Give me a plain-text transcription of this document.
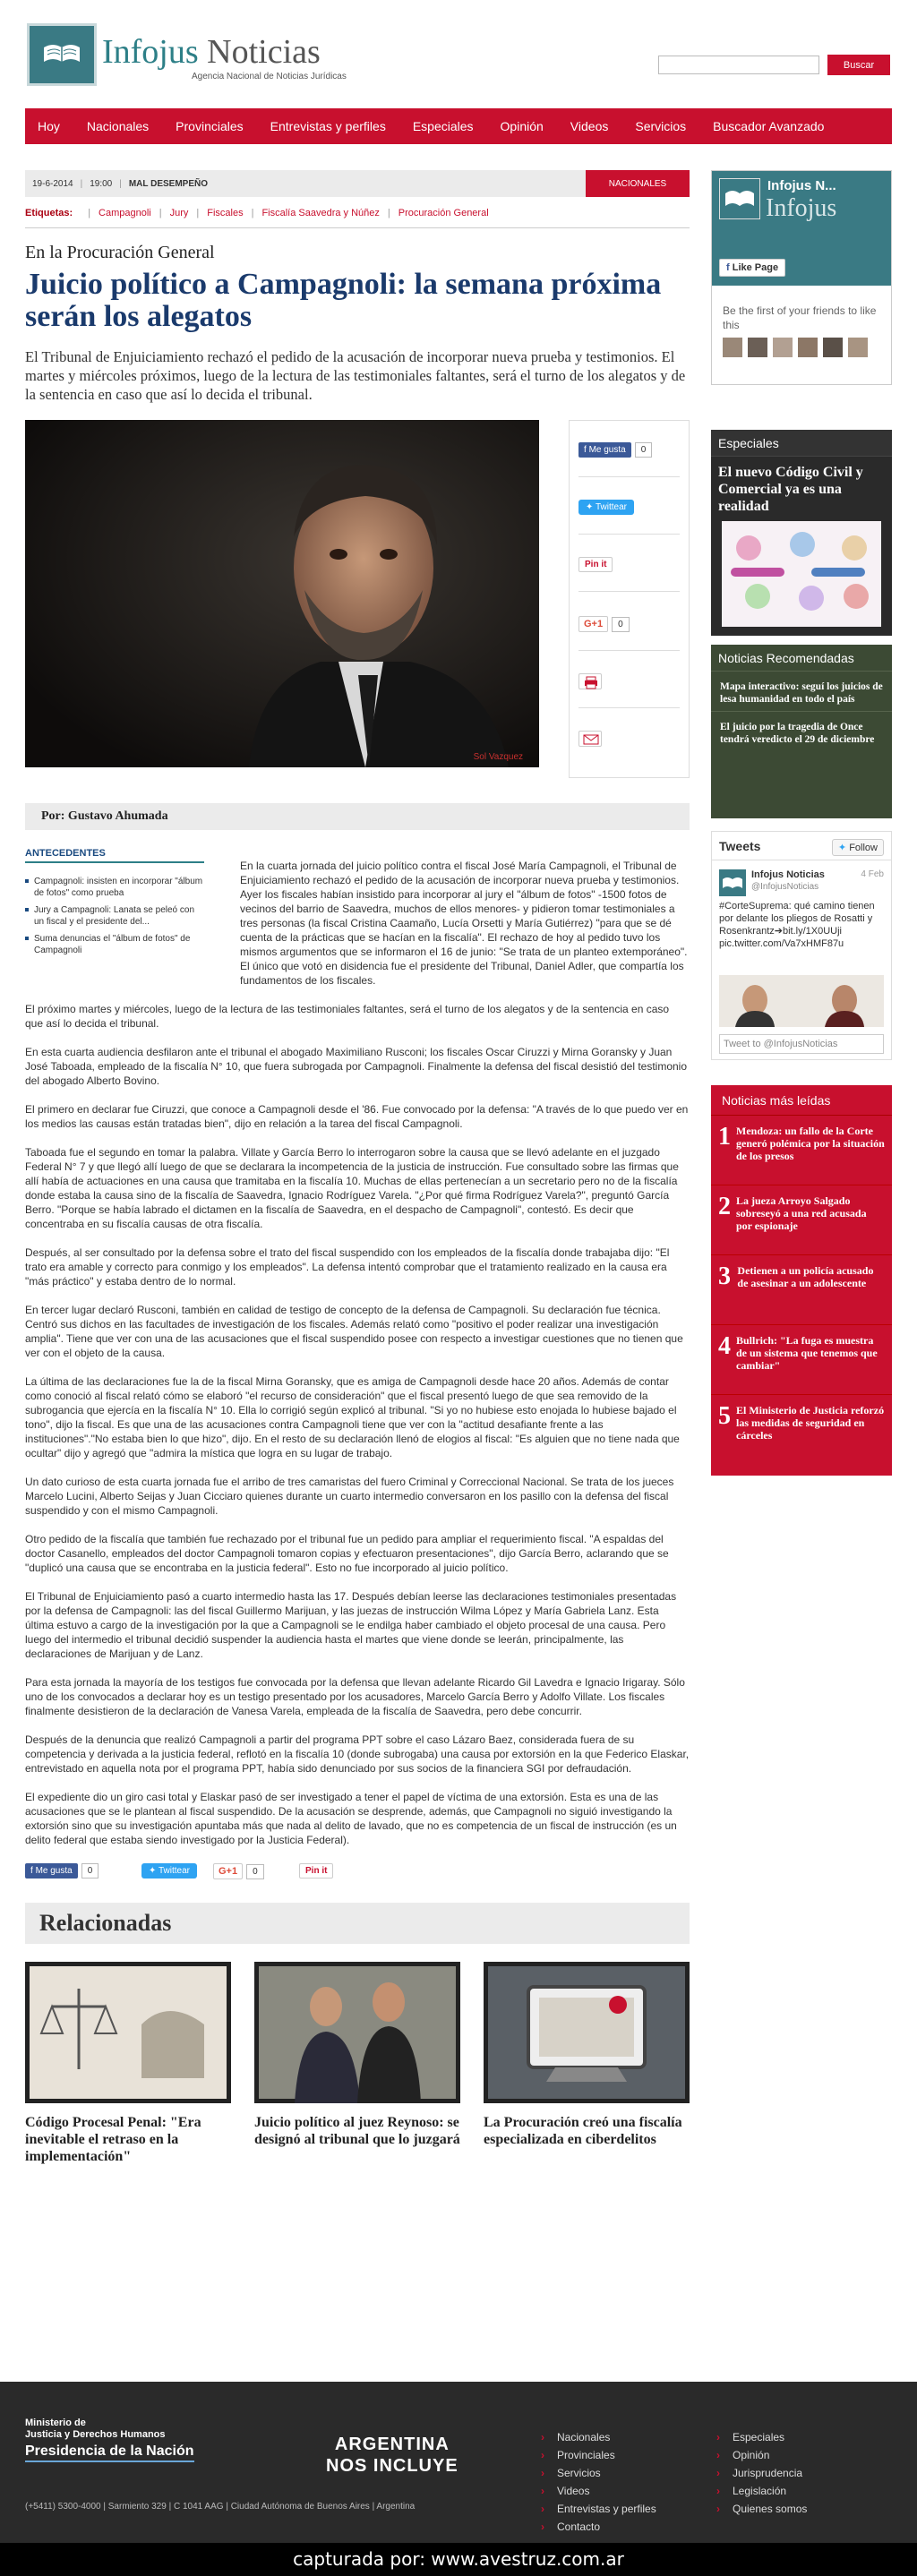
Infojus Noticias
Agencia Nacional de Noticias Jurídicas
Buscar
Hoy Nacionales Provinciales Entrevistas y perfiles Especiales Opinión Videos Servicios Buscador Avanzado
19-6-2014 | 19:00 | MAL DESEMPEÑO	NACIONALES
Etiquetas: | Campagnoli | Jury | Fiscales | Fiscalía Saavedra y Núñez | Procuración General
En la Procuración General
Juicio político a Campagnoli: la semana próxima serán los alegatos

El Tribunal de Enjuiciamiento rechazó el pedido de la acusación de incorporar nueva prueba y testimonios. El martes y miércoles próximos, luego de la lectura de las testimoniales faltantes, será el turno de los alegatos y de la sentencia en caso que así lo decida el tribunal.

Sol Vazquez
f Me gusta 0
✦ Twittear
Pin it
G+1 0
Por: Gustavo Ahumada
ANTECEDENTES
Campagnoli: insisten en incorporar "álbum de fotos" como prueba
Jury a Campagnoli: Lanata se peleó con un fiscal y el presidente del...
Suma denuncias el "álbum de fotos" de Campagnoli

En la cuarta jornada del juicio político contra el fiscal José María Campagnoli, el Tribunal de Enjuiciamiento rechazó el pedido de la acusación de incorporar nueva prueba y testimonios. Ayer los fiscales habían insistido para incorporar al jury el "álbum de fotos" -1500 fotos de vecinos del barrio de Saavedra, muchos de ellos menores- y pidieron tomar testimoniales a tres personas (la fiscal Cristina Caamaño, Lucía Orsetti y María Gutiérrez) "para que se dé cuenta de la prácticas que se hacían en la fiscalía". El rechazo de hoy al pedido tuvo los mismos argumentos que se informaron el 16 de junio: "Se trata de un planteo extemporáneo". El único que votó en disidencia fue el presidente del Tribunal, Daniel Adler, que compartía los fundamentos de los fiscales.

El próximo martes y miércoles, luego de la lectura de las testimoniales faltantes, será el turno de los alegatos y de la sentencia en caso que así lo decida el tribunal.

En esta cuarta audiencia desfilaron ante el tribunal el abogado Maximiliano Rusconi; los fiscales Oscar Ciruzzi y Mirna Goransky y Juan José Taboada, empleado de la fiscalía N° 10, que fuera subrogada por Campagnoli. Finalmente la defensa del fiscal desistió del testimonio del abogado Alberto Bovino.

El primero en declarar fue Ciruzzi, que conoce a Campagnoli desde el '86. Fue convocado por la defensa: "A través de lo que puedo ver en los medios las causas están tratadas bien", dijo en relación a la tarea del fiscal Campagnoli.

Taboada fue el segundo en tomar la palabra. Villate y García Berro lo interrogaron sobre la causa que se llevó adelante en el juzgado Federal N° 7 y que llegó allí luego de que se declarara la incompetencia de la justicia de instrucción. Fue consultado sobre las firmas que allí había de actuaciones en una causa que tramitaba en la fiscalía 10. Muchas de ellas pertenecían a un secretario pero no de la fiscalía donde estaba la causa sino de la fiscalía de Saavedra, Ignacio Rodríguez Varela. "¿Por qué firma Rodríguez Varela?", preguntó García Berro. "Porque se había labrado el dictamen en la fiscalía de Saavedra, en el despacho de Campagnoli", contestó. Es decir que concentraba en su fiscalía causas de otra fiscalía.

Después, al ser consultado por la defensa sobre el trato del fiscal suspendido con los empleados de la fiscalía donde trabajaba dijo: "El trato era amable y correcto para conmigo y los empleados". La defensa intentó comprobar que el tratamiento realizado en la causa era "más práctico" y estaba dentro de lo normal.

En tercer lugar declaró Rusconi, también en calidad de testigo de concepto de la defensa de Campagnoli. Su declaración fue técnica. Centró sus dichos en las facultades de investigación de los fiscales. Además relató como "positivo el poder realizar una investigación amplia". Tiene que ver con una de las acusaciones que el fiscal suspendido posee con respecto a investigar cuestiones que no tienen que ver con el objeto de la causa.

La última de las declaraciones fue la de la fiscal Mirna Goransky, que es amiga de Campagnoli desde hace 20 años. Además de contar como conoció al fiscal relató cómo se elaboró "el recurso de consideración" que el fiscal presentó luego de que sea removido de la subrogancia que ejercía en la fiscalía N° 10. Ella lo corrigió según explicó al tribunal. "Si yo no hubiese esto enojada lo hubiese bajado el tono", dijo la fiscal. Es que una de las acusaciones contra Campagnoli tiene que ver con la "actitud desafiante frente a las instituciones"."No estaba bien lo que hizo", dijo. En el resto de su declaración llenó de elogios al fiscal: "Es alguien que no tiene nada que ocultar" dijo y agregó que "admira la mística que logra en su lugar de trabajo.

Un dato curioso de esta cuarta jornada fue el arribo de tres camaristas del fuero Criminal y Correccional Nacional. Se trata de los jueces Marcelo Lucini, Alberto Seijas y Juan Cicciaro quienes durante un cuarto intermedio conversaron en los pasillo con la defensa del fiscal suspendido y con el mismo Campagnoli.

Otro pedido de la fiscalía que también fue rechazado por el tribunal fue un pedido para ampliar el requerimiento fiscal. "A espaldas del doctor Casanello, empleados del doctor Campagnoli tomaron copias y efectuaron presentaciones", dijo García Berro, aclarando que se "duplicó una causa que se encontraba en la justicia federal". Esto no fue incorporado al juicio político.

El Tribunal de Enjuiciamiento pasó a cuarto intermedio hasta las 17. Después debían leerse las declaraciones testimoniales presentadas por la defensa de Campagnoli: las del fiscal Guillermo Marijuan, y las juezas de instrucción Wilma López y María Gabriela Lanz. Esta última estuvo a cargo de la investigación por la que a Campagnoli se le endilga haber cambiado el objeto procesal de una causa. Pero luego del intermedio el tribunal decidió suspender la audiencia hasta el martes que viene donde se leerán, principalmente, las declaraciones de Marijuan y de Lanz.

Para esta jornada la mayoría de los testigos fue convocada por la defensa que llevan adelante Ricardo Gil Lavedra e Ignacio Irigaray. Sólo uno de los convocados a declarar hoy es un testigo presentado por los acusadores, Marcelo García Berro y Adolfo Villate. Los fiscales finalmente desistieron de la declaración de Vanesa Varela, empleada de la fiscalía de Saavedra, pero debe concurrir.

Después de la denuncia que realizó Campagnoli a partir del programa PPT sobre el caso Lázaro Baez, considerada fuera de su competencia y derivada a la justicia federal, reflotó en la fiscalía 10 (donde subrogaba) una causa por extorsión en la que Federico Elaskar, entrevistado en aquella nota por el programa PPT, había sido denunciado por sus socios de la financiera SGI por defraudación.

El expediente dio un giro casi total y Elaskar pasó de ser investigado a tener el papel de víctima de una extorsión. Esta es una de las acusaciones que se le plantean al fiscal suspendido. De la acusación se desprende, además, que Campagnoli no siguió investigando la extorsión sino que su investigación apuntaba más que nada al delito de lavado, que no es competencia de un fiscal de instrucción (es un delito federal que estaba siendo investigado por la Justicia Federal).

f Me gusta 0	✦ Twittear	G+1 0	Pin it
Relacionadas
Código Procesal Penal: "Era inevitable el retraso en la implementación"
Juicio político al juez Reynoso: se designó al tribunal que lo juzgará
La Procuración creó una fiscalía especializada en ciberdelitos
Infojus N...
Infojus
f Like Page
Be the first of your friends to like this
Especiales
El nuevo Código Civil y Comercial ya es una realidad
Noticias Recomendadas
Mapa interactivo: seguí los juicios de lesa humanidad en todo el país
El juicio por la tragedia de Once tendrá veredicto el 29 de diciembre
Tweets	✦ Follow
Infojus Noticias	4 Feb
@InfojusNoticias
#CorteSuprema: qué camino tienen por delante los pliegos de Rosatti y Rosenkrantz➔bit.ly/1X0UUji pic.twitter.com/Va7xHMF87u
Tweet to @InfojusNoticias
Noticias más leídas
1 Mendoza: un fallo de la Corte generó polémica por la situación de los presos
2 La jueza Arroyo Salgado sobreseyó a una red acusada por espionaje
3 Detienen a un policía acusado de asesinar a un adolescente
4 Bullrich: "La fuga es muestra de un sistema que tenemos que cambiar"
5 El Ministerio de Justicia reforzó las medidas de seguridad en cárceles
Ministerio de
Justicia y Derechos Humanos
Presidencia de la Nación	ARGENTINA
NOS INCLUYE
(+5411) 5300-4000 | Sarmiento 329 | C 1041 AAG | Ciudad Autónoma de Buenos Aires | Argentina
› Nacionales
› Provinciales
› Servicios
› Videos
› Entrevistas y perfiles
› Contacto
› Especiales
› Opinión
› Jurisprudencia
› Legislación
› Quienes somos
capturada por: www.avestruz.com.ar
